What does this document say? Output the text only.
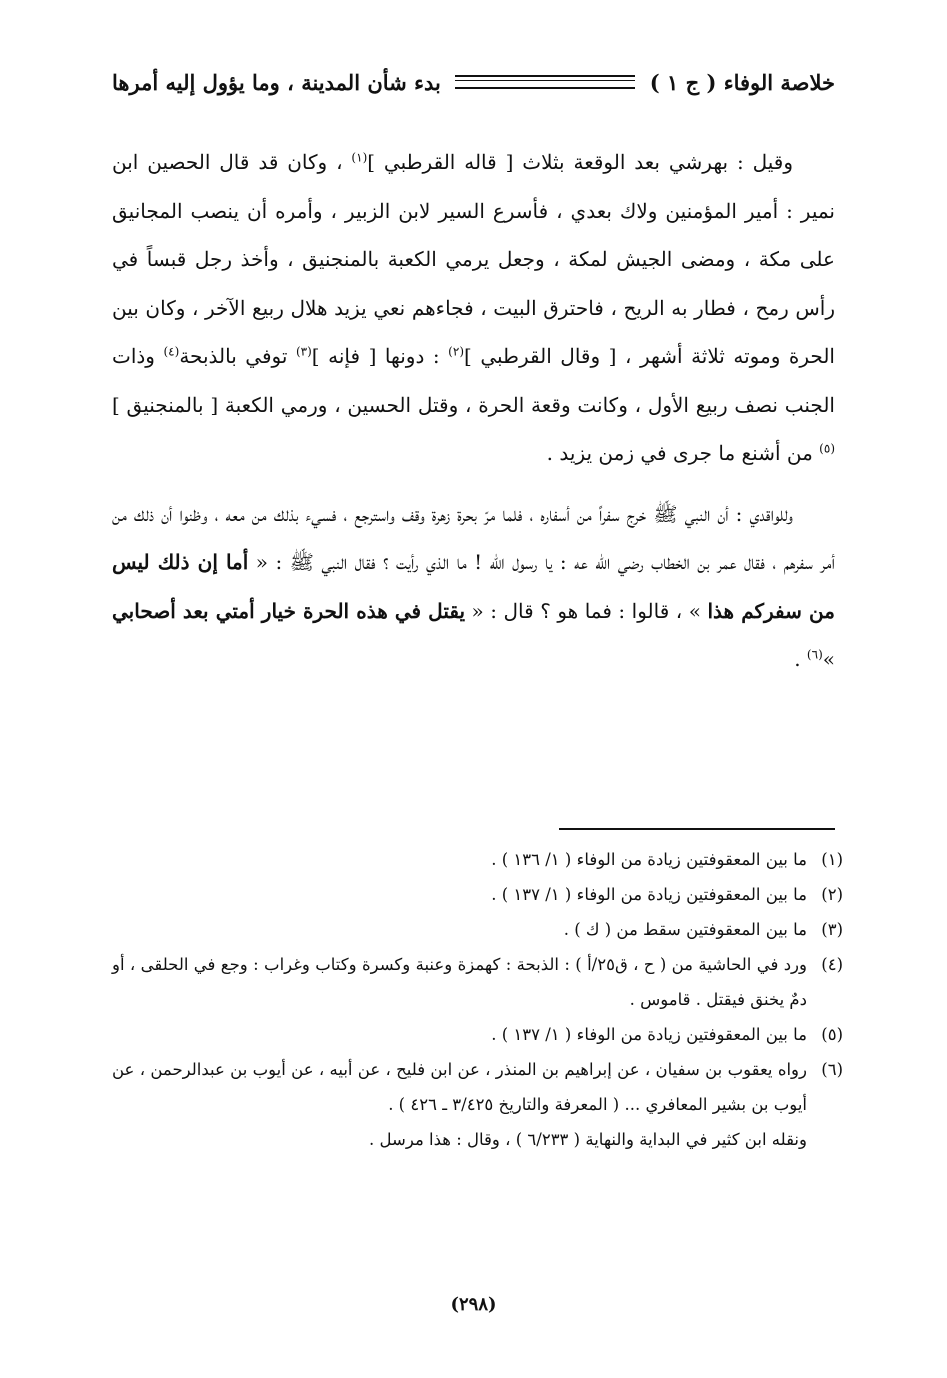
خلاصة الوفاء ( ج ١ )
بدء شأن المدينة ، وما يؤول إليه أمرها

وقيل : بهرشي بعد الوقعة بثلاث [ قاله القرطبي ]$^{(١)}$ ، وكان قد قال الحصين ابن نمير : أمير المؤمنين ولاك بعدي ، فأسرع السير لابن الزبير ، وأمره أن ينصب المجانيق على مكة ، ومضى الجيش لمكة ، وجعل يرمي الكعبة بالمنجنيق ، وأخذ رجل قبساً في رأس رمح ، فطار به الريح ، فاحترق البيت ، فجاءهم نعي يزيد هلال ربيع الآخر ، وكان بين الحرة وموته ثلاثة أشهر ، [ وقال القرطبي ]$^{(٢)}$ : دونها [ فإنه ]$^{(٣)}$ توفي بالذبحة$^{(٤)}$ وذات الجنب نصف ربيع الأول ، وكانت وقعة الحرة ، وقتل الحسين ، ورمي الكعبة [ بالمنجنيق ]$^{(٥)}$ من أشنع ما جرى في زمن يزيد .

وللواقدي : أن النبي ﷺ خرج سفراً من أسفاره ، فلما مرّ بحرة زهرة وقف واسترجع ، فسيء بذلك من معه ، وظنوا أن ذلك من أمر سفرهم ، فقال عمر بن الخطاب رضي الله عه : يا رسول الله ! ما الذي رأيت ؟ فقال النبي ﷺ : « أما إن ذلك ليس من سفركم هذا » ، قالوا : فما هو ؟ قال : « يقتل في هذه الحرة خيار أمتي بعد أصحابي »$^{(٦)}$ .

(١)
ما بين المعقوفتين زيادة من الوفاء ( ١/ ١٣٦ ) .
(٢)
ما بين المعقوفتين زيادة من الوفاء ( ١/ ١٣٧ ) .
(٣)
ما بين المعقوفتين سقط من ( ك ) .
(٤)
ورد في الحاشية من ( ح ، ق٢٥/أ ) : الذبحة : كهمزة وعنبة وكسرة وكتاب وغراب : وجع في الحلقى ، أو دمٌ يخنق فيقتل . قاموس .
(٥)
ما بين المعقوفتين زيادة من الوفاء ( ١/ ١٣٧ ) .
(٦)
رواه يعقوب بن سفيان ، عن إبراهيم بن المنذر ، عن ابن فليح ، عن أبيه ، عن أيوب بن عبدالرحمن ، عن أيوب بن بشير المعافري ... ( المعرفة والتاريخ ٣/٤٢٥ ـ ٤٢٦ ) .
ونقله ابن كثير في البداية والنهاية ( ٦/٢٣٣ ) ، وقال : هذا مرسل .
(٢٩٨)
